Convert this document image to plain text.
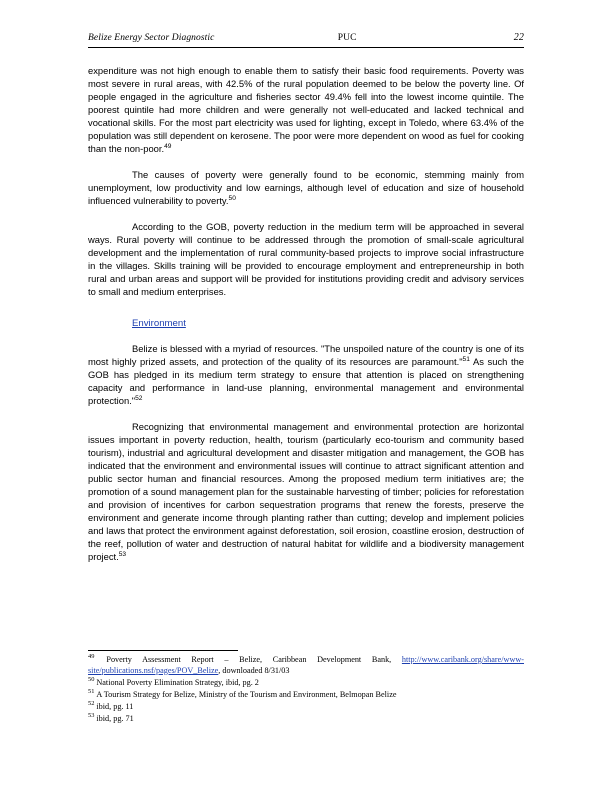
Belize Energy Sector Diagnostic	PUC	22

expenditure was not high enough to enable them to satisfy their basic food requirements. Poverty was most severe in rural areas, with 42.5% of the rural population deemed to be below the poverty line. Of people engaged in the agriculture and fisheries sector 49.4% fell into the lowest income quintile. The poorest quintile had more children and were generally not well-educated and lacked technical and vocational skills. For the most part electricity was used for lighting, except in Toledo, where 63.4% of the population was still dependent on kerosene. The poor were more dependent on wood as fuel for cooking than the non-poor.$^{49}$

The causes of poverty were generally found to be economic, stemming mainly from unemployment, low productivity and low earnings, although level of education and size of household influenced vulnerability to poverty.$^{50}$

According to the GOB, poverty reduction in the medium term will be approached in several ways. Rural poverty will continue to be addressed through the promotion of small-scale agricultural development and the implementation of rural community-based projects to improve social infrastructure in the villages. Skills training will be provided to encourage employment and entrepreneurship in both rural and urban areas and support will be provided for institutions providing credit and advisory services to small and medium enterprises.

Environment

Belize is blessed with a myriad of resources. "The unspoiled nature of the country is one of its most highly prized assets, and protection of the quality of its resources are paramount."$^{51}$ As such the GOB has pledged in its medium term strategy to ensure that attention is placed on strengthening capacity and performance in land-use planning, environmental management and environmental protection."$^{52}$

Recognizing that environmental management and environmental protection are horizontal issues important in poverty reduction, health, tourism (particularly eco-tourism and community based tourism), industrial and agricultural development and disaster mitigation and management, the GOB has indicated that the environment and environmental issues will continue to attract significant attention and public sector human and financial resources. Among the proposed medium term initiatives are; the promotion of a sound management plan for the sustainable harvesting of timber; policies for reforestation and provision of incentives for carbon sequestration programs that renew the forests, preserve the environment and generate income through planting rather than cutting; develop and implement policies and laws that protect the environment against deforestation, soil erosion, coastline erosion, destruction of the reef, pollution of water and destruction of natural habitat for wildlife and a biodiversity management project.$^{53}$

$^{49}$ Poverty Assessment Report – Belize, Caribbean Development Bank, http://www.caribank.org/share/www-site/publications.nsf/pages/POV_Belize, downloaded 8/31/03
$^{50}$ National Poverty Elimination Strategy, ibid, pg. 2
$^{51}$ A Tourism Strategy for Belize, Ministry of the Tourism and Environment, Belmopan Belize
$^{52}$ ibid, pg. 11
$^{53}$ ibid, pg. 71
